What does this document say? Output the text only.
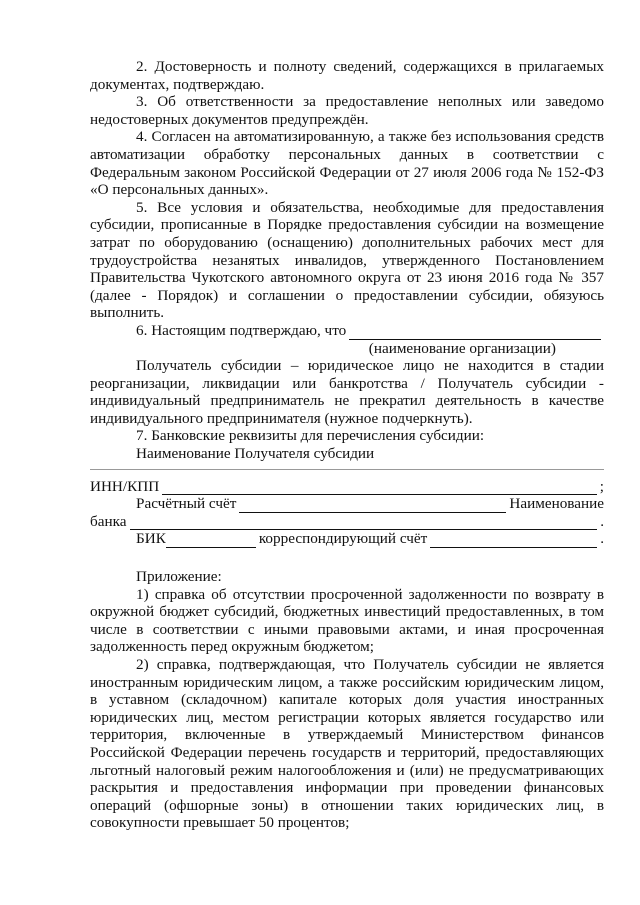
2. Достоверность и полноту сведений, содержащихся в прилагаемых документах, подтверждаю.

3. Об ответственности за предоставление неполных или заведомо недостоверных документов предупреждён.

4. Согласен на автоматизированную, а также без использования средств автоматизации обработку персональных данных в соответствии с Федеральным законом Российской Федерации от 27 июля 2006 года № 152-ФЗ «О персональных данных».

5. Все условия и обязательства, необходимые для предоставления субсидии, прописанные в Порядке предоставления субсидии на возмещение затрат по оборудованию (оснащению) дополнительных рабочих мест для трудоустройства незанятых инвалидов, утвержденного Постановлением Правительства Чукотского автономного округа от 23 июня 2016 года № 357 (далее - Порядок) и соглашении о предоставлении субсидии, обязуюсь выполнить.

6. Настоящим подтверждаю, что
(наименование организации)

Получатель субсидии – юридическое лицо не находится в стадии реорганизации, ликвидации или банкротства / Получатель субсидии - индивидуальный предприниматель не прекратил деятельность в качестве индивидуального предпринимателя (нужное подчеркнуть).

7. Банковские реквизиты для перечисления субсидии:
Наименование Получателя субсидии
ИНН/КПП	;
Расчётный счёт	Наименование
банка	.
БИК	корреспондирующий счёт	.
Приложение:

1) справка об отсутствии просроченной задолженности по возврату в окружной бюджет субсидий, бюджетных инвестиций предоставленных, в том числе в соответствии с иными правовыми актами, и иная просроченная задолженность перед окружным бюджетом;

2) справка, подтверждающая, что Получатель субсидии не является иностранным юридическим лицом, а также российским юридическим лицом, в уставном (складочном) капитале которых доля участия иностранных юридических лиц, местом регистрации которых является государство или территория, включенные в утверждаемый Министерством финансов Российской Федерации перечень государств и территорий, предоставляющих льготный налоговый режим налогообложения и (или) не предусматривающих раскрытия и предоставления информации при проведении финансовых операций (офшорные зоны) в отношении таких юридических лиц, в совокупности превышает 50 процентов;
